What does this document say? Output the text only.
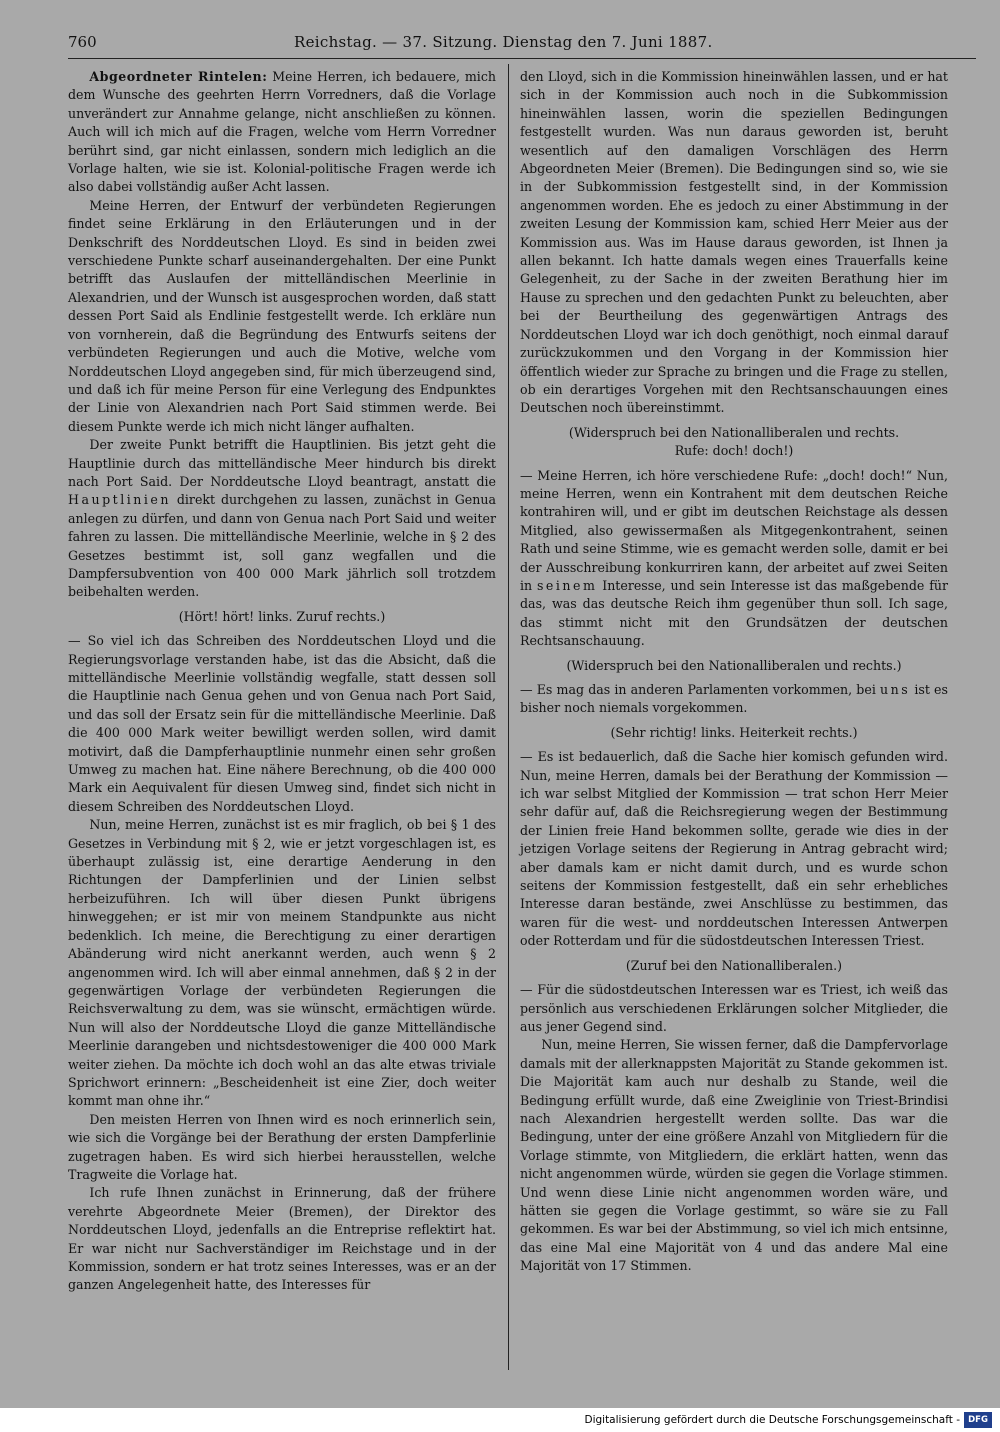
760	Reichstag. — 37. Sitzung. Dienstag den 7. Juni 1887.

Abgeordneter Rintelen: Meine Herren, ich bedauere, mich dem Wunsche des geehrten Herrn Vorredners, daß die Vorlage unverändert zur Annahme gelange, nicht anschließen zu können. Auch will ich mich auf die Fragen, welche vom Herrn Vorredner berührt sind, gar nicht einlassen, sondern mich lediglich an die Vorlage halten, wie sie ist. Kolonial-politische Fragen werde ich also dabei vollständig außer Acht lassen.

Meine Herren, der Entwurf der verbündeten Regierungen findet seine Erklärung in den Erläuterungen und in der Denkschrift des Norddeutschen Lloyd. Es sind in beiden zwei verschiedene Punkte scharf auseinandergehalten. Der eine Punkt betrifft das Auslaufen der mittelländischen Meerlinie in Alexandrien, und der Wunsch ist ausgesprochen worden, daß statt dessen Port Said als Endlinie festgestellt werde. Ich erkläre nun von vornherein, daß die Begründung des Entwurfs seitens der verbündeten Regierungen und auch die Motive, welche vom Norddeutschen Lloyd angegeben sind, für mich überzeugend sind, und daß ich für meine Person für eine Verlegung des Endpunktes der Linie von Alexandrien nach Port Said stimmen werde. Bei diesem Punkte werde ich mich nicht länger aufhalten.

Der zweite Punkt betrifft die Hauptlinien. Bis jetzt geht die Hauptlinie durch das mittelländische Meer hindurch bis direkt nach Port Said. Der Norddeutsche Lloyd beantragt, anstatt die Hauptlinien direkt durchgehen zu lassen, zunächst in Genua anlegen zu dürfen, und dann von Genua nach Port Said und weiter fahren zu lassen. Die mittelländische Meerlinie, welche in § 2 des Gesetzes bestimmt ist, soll ganz wegfallen und die Dampfersubvention von 400 000 Mark jährlich soll trotzdem beibehalten werden.

(Hört! hört! links. Zuruf rechts.)

— So viel ich das Schreiben des Norddeutschen Lloyd und die Regierungsvorlage verstanden habe, ist das die Absicht, daß die mittelländische Meerlinie vollständig wegfalle, statt dessen soll die Hauptlinie nach Genua gehen und von Genua nach Port Said, und das soll der Ersatz sein für die mittelländische Meerlinie. Daß die 400 000 Mark weiter bewilligt werden sollen, wird damit motivirt, daß die Dampferhauptlinie nunmehr einen sehr großen Umweg zu machen hat. Eine nähere Berechnung, ob die 400 000 Mark ein Aequivalent für diesen Umweg sind, findet sich nicht in diesem Schreiben des Norddeutschen Lloyd.

Nun, meine Herren, zunächst ist es mir fraglich, ob bei § 1 des Gesetzes in Verbindung mit § 2, wie er jetzt vorgeschlagen ist, es überhaupt zulässig ist, eine derartige Aenderung in den Richtungen der Dampferlinien und der Linien selbst herbeizuführen. Ich will über diesen Punkt übrigens hinweggehen; er ist mir von meinem Standpunkte aus nicht bedenklich. Ich meine, die Berechtigung zu einer derartigen Abänderung wird nicht anerkannt werden, auch wenn § 2 angenommen wird. Ich will aber einmal annehmen, daß § 2 in der gegenwärtigen Vorlage der verbündeten Regierungen die Reichsverwaltung zu dem, was sie wünscht, ermächtigen würde. Nun will also der Norddeutsche Lloyd die ganze Mittelländische Meerlinie darangeben und nichtsdestoweniger die 400 000 Mark weiter ziehen. Da möchte ich doch wohl an das alte etwas triviale Sprichwort erinnern: „Bescheidenheit ist eine Zier, doch weiter kommt man ohne ihr.“

Den meisten Herren von Ihnen wird es noch erinnerlich sein, wie sich die Vorgänge bei der Berathung der ersten Dampferlinie zugetragen haben. Es wird sich hierbei herausstellen, welche Tragweite die Vorlage hat.

Ich rufe Ihnen zunächst in Erinnerung, daß der frühere verehrte Abgeordnete Meier (Bremen), der Direktor des Norddeutschen Lloyd, jedenfalls an die Entreprise reflektirt hat. Er war nicht nur Sachverständiger im Reichstage und in der Kommission, sondern er hat trotz seines Interesses, was er an der ganzen Angelegenheit hatte, des Interesses für

den Lloyd, sich in die Kommission hineinwählen lassen, und er hat sich in der Kommission auch noch in die Subkommission hineinwählen lassen, worin die speziellen Bedingungen festgestellt wurden. Was nun daraus geworden ist, beruht wesentlich auf den damaligen Vorschlägen des Herrn Abgeordneten Meier (Bremen). Die Bedingungen sind so, wie sie in der Subkommission festgestellt sind, in der Kommission angenommen worden. Ehe es jedoch zu einer Abstimmung in der zweiten Lesung der Kommission kam, schied Herr Meier aus der Kommission aus. Was im Hause daraus geworden, ist Ihnen ja allen bekannt. Ich hatte damals wegen eines Trauerfalls keine Gelegenheit, zu der Sache in der zweiten Berathung hier im Hause zu sprechen und den gedachten Punkt zu beleuchten, aber bei der Beurtheilung des gegenwärtigen Antrags des Norddeutschen Lloyd war ich doch genöthigt, noch einmal darauf zurückzukommen und den Vorgang in der Kommission hier öffentlich wieder zur Sprache zu bringen und die Frage zu stellen, ob ein derartiges Vorgehen mit den Rechtsanschauungen eines Deutschen noch übereinstimmt.

(Widerspruch bei den Nationalliberalen und rechts.
Rufe: doch! doch!)

— Meine Herren, ich höre verschiedene Rufe: „doch! doch!“ Nun, meine Herren, wenn ein Kontrahent mit dem deutschen Reiche kontrahiren will, und er gibt im deutschen Reichstage als dessen Mitglied, also gewissermaßen als Mitgegenkontrahent, seinen Rath und seine Stimme, wie es gemacht werden solle, damit er bei der Ausschreibung konkurriren kann, der arbeitet auf zwei Seiten in seinem Interesse, und sein Interesse ist das maßgebende für das, was das deutsche Reich ihm gegenüber thun soll. Ich sage, das stimmt nicht mit den Grundsätzen der deutschen Rechtsanschauung.

(Widerspruch bei den Nationalliberalen und rechts.)

— Es mag das in anderen Parlamenten vorkommen, bei uns ist es bisher noch niemals vorgekommen.

(Sehr richtig! links. Heiterkeit rechts.)

— Es ist bedauerlich, daß die Sache hier komisch gefunden wird. Nun, meine Herren, damals bei der Berathung der Kommission — ich war selbst Mitglied der Kommission — trat schon Herr Meier sehr dafür auf, daß die Reichsregierung wegen der Bestimmung der Linien freie Hand bekommen sollte, gerade wie dies in der jetzigen Vorlage seitens der Regierung in Antrag gebracht wird; aber damals kam er nicht damit durch, und es wurde schon seitens der Kommission festgestellt, daß ein sehr erhebliches Interesse daran bestände, zwei Anschlüsse zu bestimmen, das waren für die west- und norddeutschen Interessen Antwerpen oder Rotterdam und für die südostdeutschen Interessen Triest.

(Zuruf bei den Nationalliberalen.)

— Für die südostdeutschen Interessen war es Triest, ich weiß das persönlich aus verschiedenen Erklärungen solcher Mitglieder, die aus jener Gegend sind.

Nun, meine Herren, Sie wissen ferner, daß die Dampfervorlage damals mit der allerknappsten Majorität zu Stande gekommen ist. Die Majorität kam auch nur deshalb zu Stande, weil die Bedingung erfüllt wurde, daß eine Zweiglinie von Triest-Brindisi nach Alexandrien hergestellt werden sollte. Das war die Bedingung, unter der eine größere Anzahl von Mitgliedern für die Vorlage stimmte, von Mitgliedern, die erklärt hatten, wenn das nicht angenommen würde, würden sie gegen die Vorlage stimmen. Und wenn diese Linie nicht angenommen worden wäre, und hätten sie gegen die Vorlage gestimmt, so wäre sie zu Fall gekommen. Es war bei der Abstimmung, so viel ich mich entsinne, das eine Mal eine Majorität von 4 und das andere Mal eine Majorität von 17 Stimmen.

Digitalisierung gefördert durch die Deutsche Forschungsgemeinschaft - DFG
